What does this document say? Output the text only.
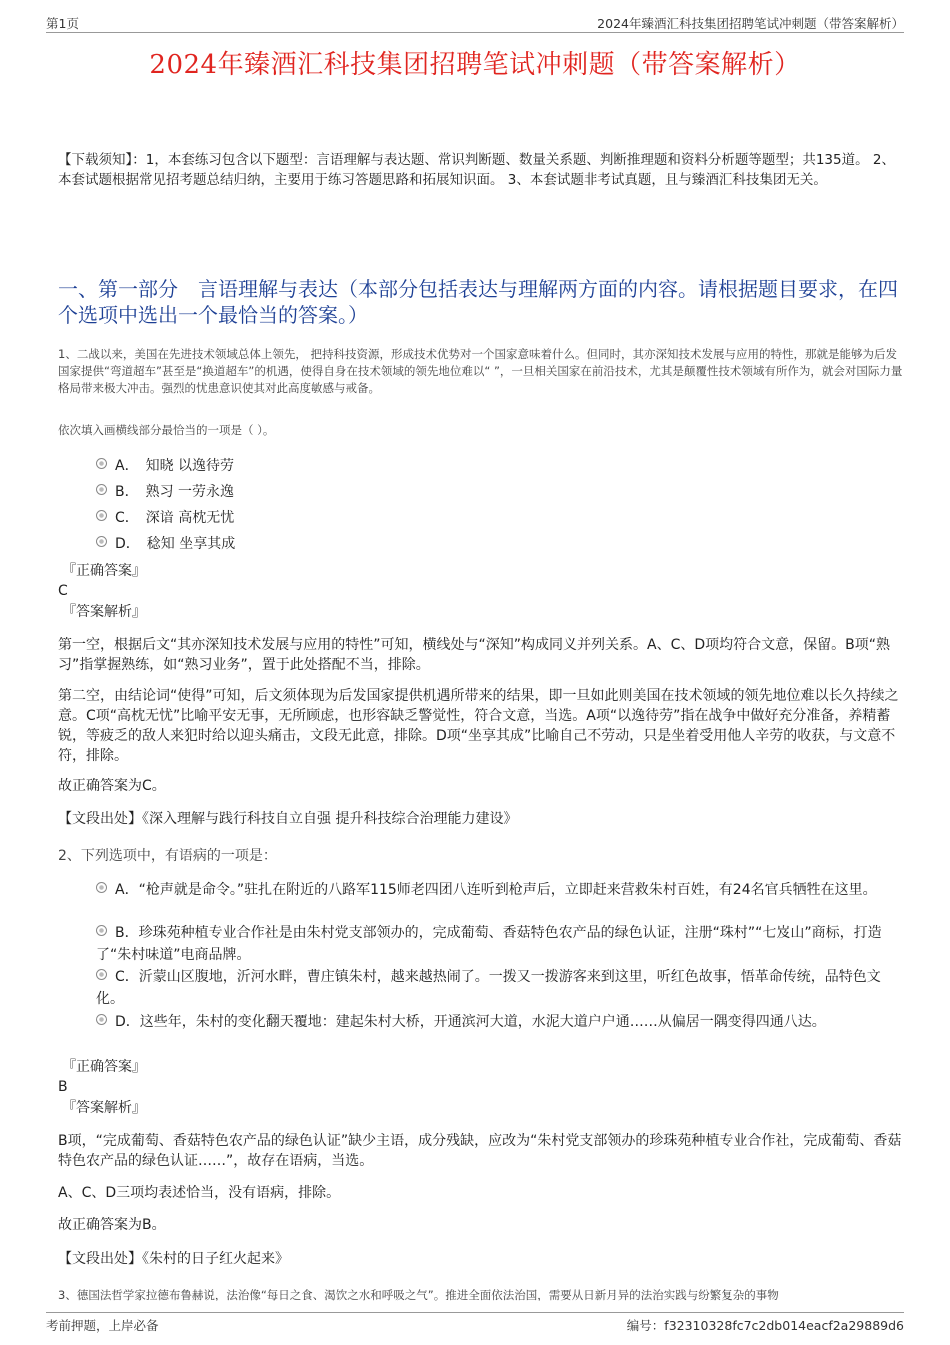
第1页	2024年臻酒汇科技集团招聘笔试冲刺题（带答案解析）
2024年臻酒汇科技集团招聘笔试冲刺题（带答案解析）
【下载须知】：1，本套练习包含以下题型：言语理解与表达题、常识判断题、数量关系题、判断推理题和资料分析题等题型；共135道。 2、本套试题根据常见招考题总结归纳，主要用于练习答题思路和拓展知识面。 3、本套试题非考试真题，且与臻酒汇科技集团无关。
一、第一部分　言语理解与表达（本部分包括表达与理解两方面的内容。请根据题目要求，在四个选项中选出一个最恰当的答案。）
1、二战以来，美国在先进技术领域总体上领先， 把持科技资源，形成技术优势对一个国家意味着什么。但同时，其亦深知技术发展与应用的特性，那就是能够为后发国家提供“弯道超车”甚至是“换道超车”的机遇，使得自身在技术领域的领先地位难以“ ”，一旦相关国家在前沿技术，尤其是颠覆性技术领域有所作为，就会对国际力量格局带来极大冲击。强烈的忧患意识使其对此高度敏感与戒备。
依次填入画横线部分最恰当的一项是（ ）。
A．　知晓 以逸待劳
B．　熟习 一劳永逸
C．　深谙 高枕无忧
D．　稔知 坐享其成
『正确答案』
C
『答案解析』
第一空，根据后文“其亦深知技术发展与应用的特性”可知，横线处与“深知”构成同义并列关系。A、C、D项均符合文意，保留。B项“熟习”指掌握熟练，如“熟习业务”，置于此处搭配不当，排除。
第二空，由结论词“使得”可知，后文须体现为后发国家提供机遇所带来的结果，即一旦如此则美国在技术领域的领先地位难以长久持续之意。C项“高枕无忧”比喻平安无事，无所顾虑，也形容缺乏警觉性，符合文意，当选。A项“以逸待劳”指在战争中做好充分准备，养精蓄锐，等疲乏的敌人来犯时给以迎头痛击，文段无此意，排除。D项“坐享其成”比喻自己不劳动，只是坐着受用他人辛劳的收获，与文意不符，排除。
故正确答案为C。
【文段出处】《深入理解与践行科技自立自强 提升科技综合治理能力建设》
2、下列选项中，有语病的一项是：
A．“枪声就是命令。”驻扎在附近的八路军115师老四团八连听到枪声后，立即赶来营救朱村百姓，有24名官兵牺牲在这里。
B．珍珠苑种植专业合作社是由朱村党支部领办的，完成葡萄、香菇特色农产品的绿色认证，注册“珠村”“七岌山”商标，打造了“朱村味道”电商品牌。
C．沂蒙山区腹地，沂河水畔，曹庄镇朱村，越来越热闹了。一拨又一拨游客来到这里，听红色故事，悟革命传统，品特色文化。
D．这些年，朱村的变化翻天覆地：建起朱村大桥，开通滨河大道，水泥大道户户通……从偏居一隅变得四通八达。
『正确答案』
B
『答案解析』
B项，“完成葡萄、香菇特色农产品的绿色认证”缺少主语，成分残缺，应改为“朱村党支部领办的珍珠苑种植专业合作社，完成葡萄、香菇特色农产品的绿色认证……”，故存在语病，当选。
A、C、D三项均表述恰当，没有语病，排除。
故正确答案为B。
【文段出处】《朱村的日子红火起来》
3、德国法哲学家拉德布鲁赫说，法治像“每日之食、渴饮之水和呼吸之气”。推进全面依法治国，需要从日新月异的法治实践与纷繁复杂的事物
考前押题，上岸必备	编号：f32310328fc7c2db014eacf2a29889d6
